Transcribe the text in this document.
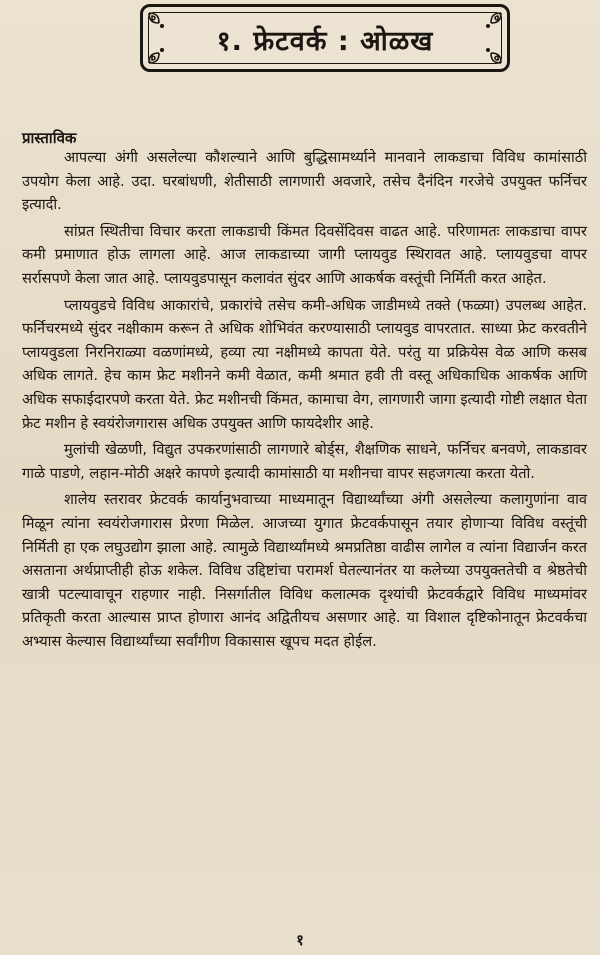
१. फ्रेटवर्क : ओळख
प्रास्ताविक

आपल्या अंगी असलेल्या कौशल्याने आणि बुद्धिसामर्थ्याने मानवाने लाकडाचा विविध कामांसाठी उपयोग केला आहे. उदा. घरबांधणी, शेतीसाठी लागणारी अवजारे, तसेच दैनंदिन गरजेचे उपयुक्त फर्निचर इत्यादी.

सांप्रत स्थितीचा विचार करता लाकडाची किंमत दिवसेंदिवस वाढत आहे. परिणामतः लाकडाचा वापर कमी प्रमाणात होऊ लागला आहे. आज लाकडाच्या जागी प्लायवुड स्थिरावत आहे. प्लायवुडचा वापर सर्रासपणे केला जात आहे. प्लायवुडपासून कलावंत सुंदर आणि आकर्षक वस्तूंची निर्मिती करत आहेत.

प्लायवुडचे विविध आकारांचे, प्रकारांचे तसेच कमी-अधिक जाडीमध्ये तक्ते (फळ्या) उपलब्ध आहेत. फर्निचरमध्ये सुंदर नक्षीकाम करून ते अधिक शोभिवंत करण्यासाठी प्लायवुड वापरतात. साध्या फ्रेट करवतीने प्लायवुडला निरनिराळ्या वळणांमध्ये, हव्या त्या नक्षीमध्ये कापता येते. परंतु या प्रक्रियेस वेळ आणि कसब अधिक लागते. हेच काम फ्रेट मशीनने कमी वेळात, कमी श्रमात हवी ती वस्तू अधिकाधिक आकर्षक आणि अधिक सफाईदारपणे करता येते. फ्रेट मशीनची किंमत, कामाचा वेग, लागणारी जागा इत्यादी गोष्टी लक्षात घेता फ्रेट मशीन हे स्वयंरोजगारास अधिक उपयुक्त आणि फायदेशीर आहे.

मुलांची खेळणी, विद्युत उपकरणांसाठी लागणारे बोर्ड्स, शैक्षणिक साधने, फर्निचर बनवणे, लाकडावर गाळे पाडणे, लहान-मोठी अक्षरे कापणे इत्यादी कामांसाठी या मशीनचा वापर सहजगत्या करता येतो.

शालेय स्तरावर फ्रेटवर्क कार्यानुभवाच्या माध्यमातून विद्यार्थ्यांच्या अंगी असलेल्या कलागुणांना वाव मिळून त्यांना स्वयंरोजगारास प्रेरणा मिळेल. आजच्या युगात फ्रेटवर्कपासून तयार होणाऱ्या विविध वस्तूंची निर्मिती हा एक लघुउद्योग झाला आहे. त्यामुळे विद्यार्थ्यांमध्ये श्रमप्रतिष्ठा वाढीस लागेल व त्यांना विद्यार्जन करत असताना अर्थप्राप्तीही होऊ शकेल. विविध उद्दिष्टांचा परामर्श घेतल्यानंतर या कलेच्या उपयुक्ततेची व श्रेष्ठतेची खात्री पटल्यावाचून राहणार नाही. निसर्गातील विविध कलात्मक दृश्यांची फ्रेटवर्कद्वारे विविध माध्यमांवर प्रतिकृती करता आल्यास प्राप्त होणारा आनंद अद्वितीयच असणार आहे. या विशाल दृष्टिकोनातून फ्रेटवर्कचा अभ्यास केल्यास विद्यार्थ्यांच्या सर्वांगीण विकासास खूपच मदत होईल.

१
